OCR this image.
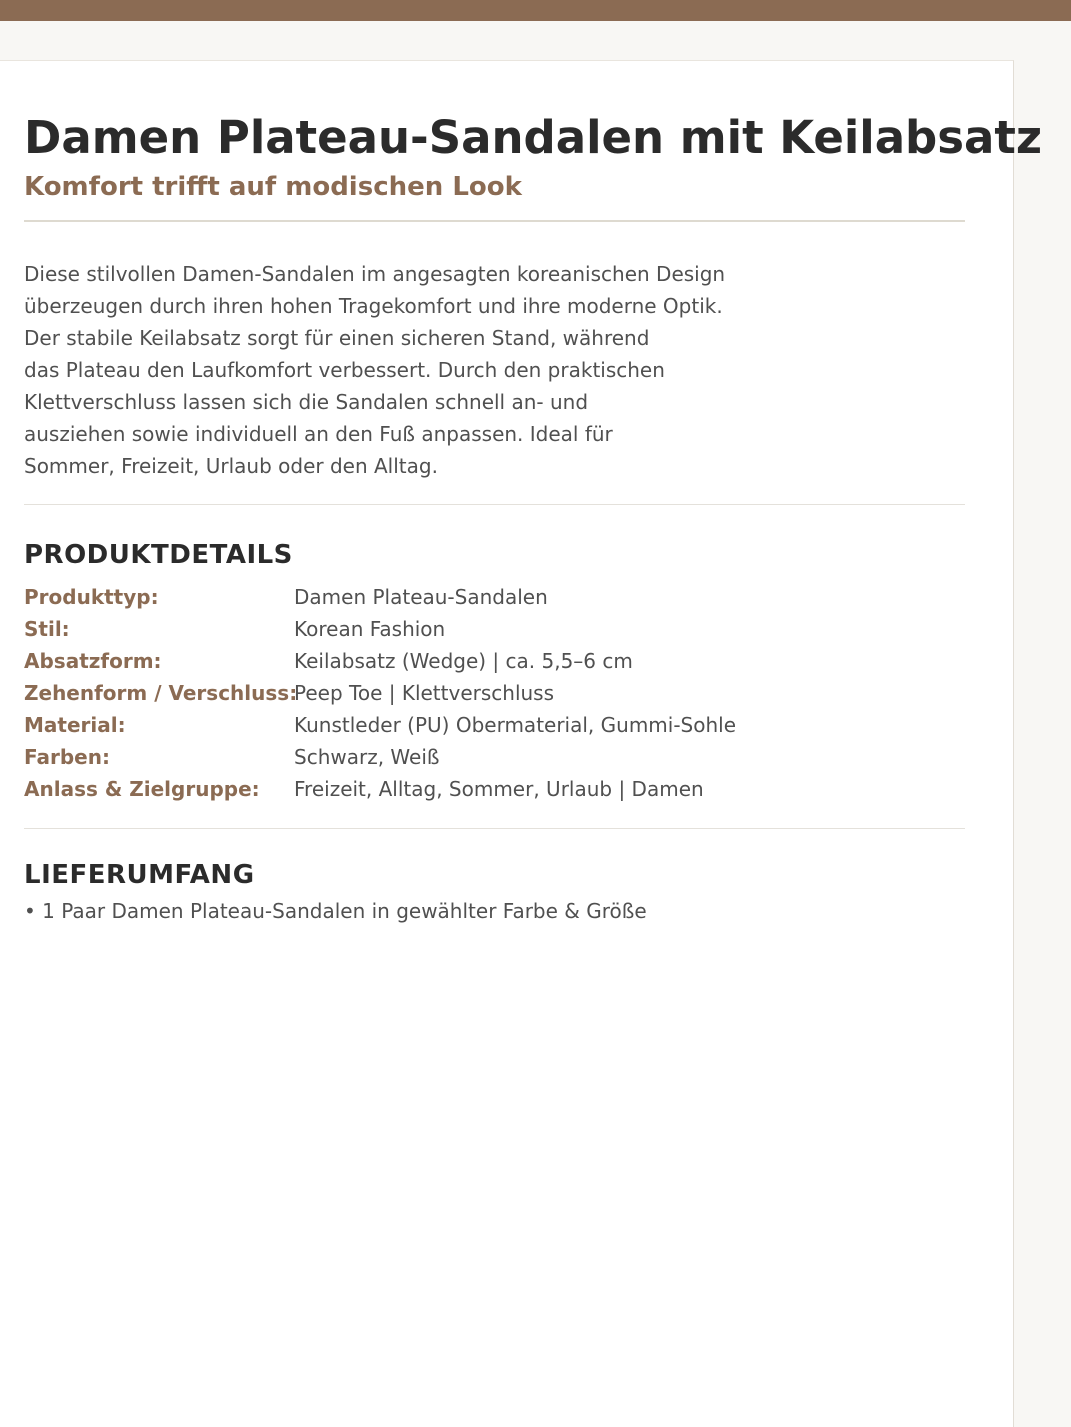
Damen Plateau-Sandalen mit Keilabsatz
Komfort trifft auf modischen Look

Diese stilvollen Damen-Sandalen im angesagten koreanischen Design
überzeugen durch ihren hohen Tragekomfort und ihre moderne Optik.
Der stabile Keilabsatz sorgt für einen sicheren Stand, während
das Plateau den Laufkomfort verbessert. Durch den praktischen
Klettverschluss lassen sich die Sandalen schnell an- und
ausziehen sowie individuell an den Fuß anpassen. Ideal für
Sommer, Freizeit, Urlaub oder den Alltag.

PRODUKTDETAILS
Produkttyp:	Damen Plateau-Sandalen
Stil:	Korean Fashion
Absatzform:	Keilabsatz (Wedge) | ca. 5,5–6 cm
Zehenform / Verschluss:
Peep Toe | Klettverschluss
Material:	Kunstleder (PU) Obermaterial, Gummi-Sohle
Farben:	Schwarz, Weiß
Anlass & Zielgruppe: Freizeit, Alltag, Sommer, Urlaub | Damen
LIEFERUMFANG
• 1 Paar Damen Plateau-Sandalen in gewählter Farbe & Größe
